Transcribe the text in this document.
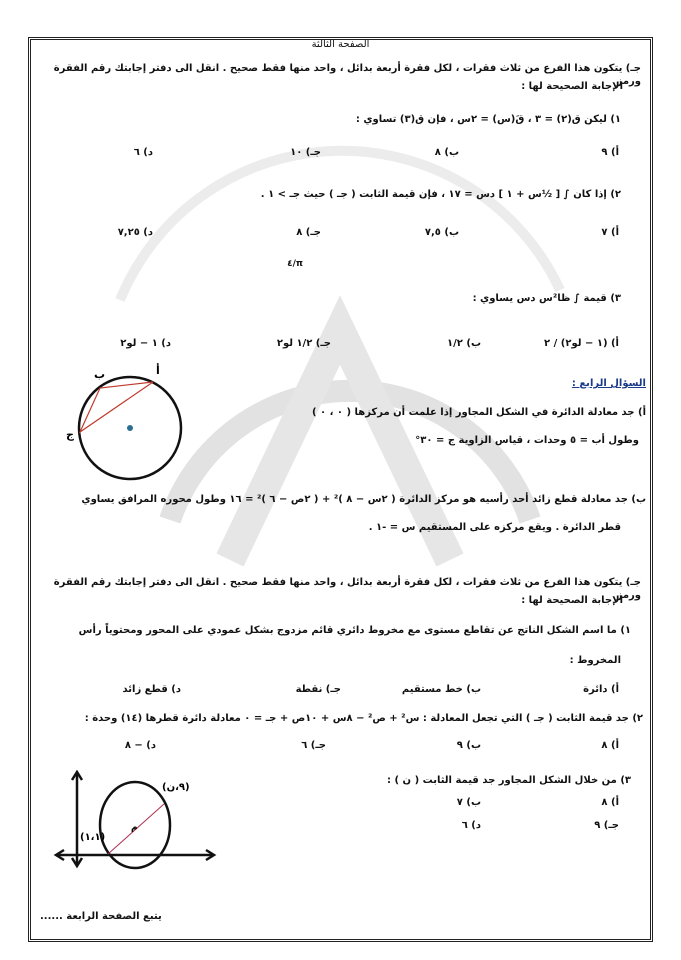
الصفحة الثالثة
جـ) يتكون هذا الفرع من ثلاث فقرات ، لكل فقرة أربعة بدائل ، واحد منها فقط صحيح . انقل الى دفتر إجابتك رقم الفقرة ورمز
الإجابة الصحيحة لها :
١) ليكن ق(٢) = ٣ ، قَ(س) = ٢س ، فإن ق(٣) تساوي :
أ) ٩
ب) ٨
جـ) ١٠
د) ٦
٢) إذا كان ∫ [ ½س + ١ ] دس = ١٧ ، فإن قيمة الثابت ( جـ ) حيث جـ > ١ .
أ) ٧
ب) ٧,٥
جـ) ٨
د) ٧,٢٥
π/٤
٣) قيمة ∫ ظا²س دس يساوي :
أ) (١ − لو٢) / ٢
ب) ١/٢
جـ) ١/٢ لو٢
د) ١ − لو٢
السؤال الرابع :
أ) جد معادلة الدائرة في الشكل المجاور إذا علمت أن مركزها ( ٠ ، ٠ )
وطول أب = ٥ وحدات ، قياس الزاوية ج = ٣٠°
أ
ب
ج
ب) جد معادلة قطع زائد أحد رأسيه هو مركز الدائرة ( ٢س − ٨ )² + ( ٢ص − ٦ )² = ١٦ وطول محوره المرافق يساوي
قطر الدائرة . ويقع مركزه على المستقيم س = -١ .
جـ) يتكون هذا الفرع من ثلاث فقرات ، لكل فقرة أربعة بدائل ، واحد منها فقط صحيح . انقل الى دفتر إجابتك رقم الفقرة ورمز
الإجابة الصحيحة لها :
١) ما اسم الشكل الناتج عن تقاطع مستوى مع مخروط دائري قائم مزدوج بشكل عمودي على المحور ومحتوياً رأس
المخروط :
أ) دائرة
ب) خط مستقيم
جـ) نقطة
د) قطع زائد
٢) جد قيمة الثابت ( جـ ) التي تجعل المعادلة : س² + ص² − ٨س + ١٠ص + جـ = ٠ معادلة دائرة قطرها (١٤) وحدة :
أ) ٨
ب) ٩
جـ) ٦
د) − ٨
٣) من خلال الشكل المجاور جد قيمة الثابت ( ن ) :
أ) ٨
ب) ٧
جـ) ٩
د) ٦
م
(٩،ن)
(١،١)
يتبع الصفحة الرابعة ......
